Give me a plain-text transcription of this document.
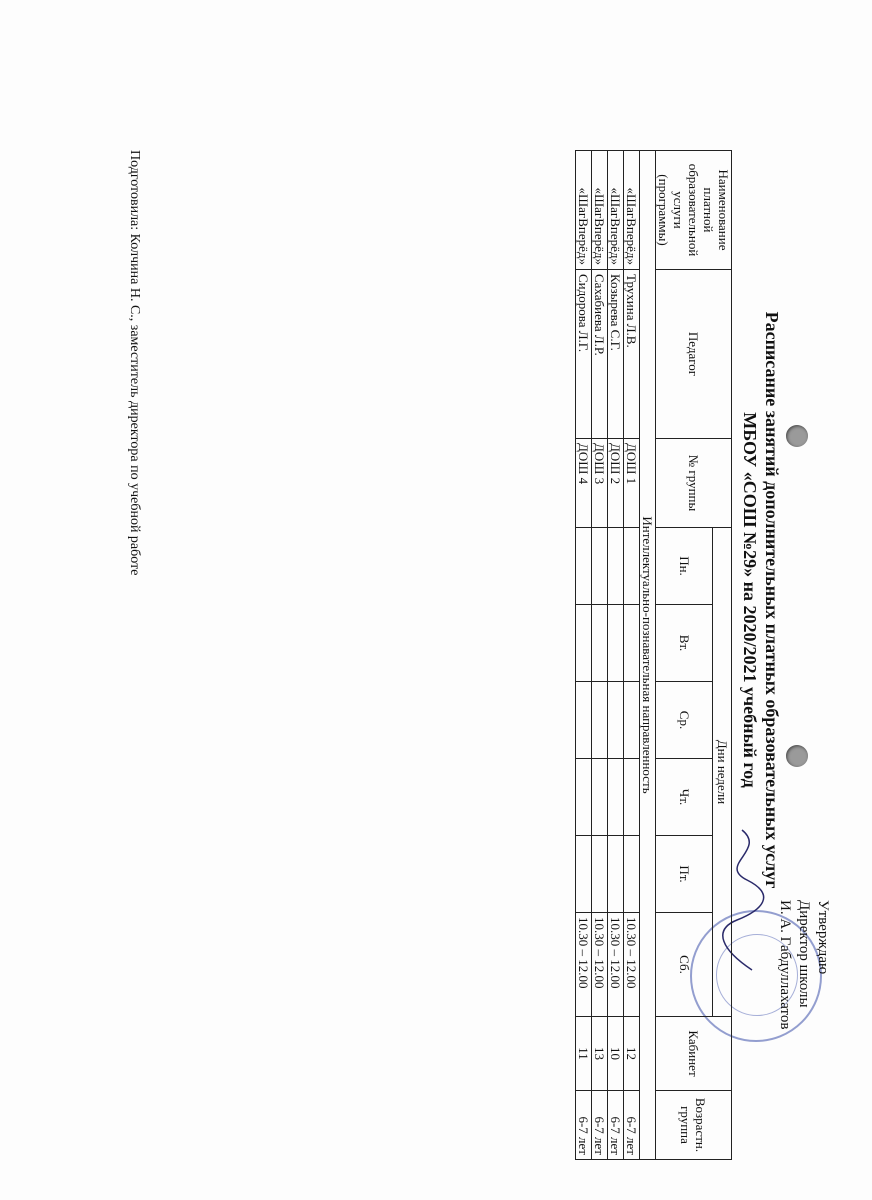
Утверждаю
Директор школы
И. А. Габдуллахатов
Расписание занятий дополнительных платных образовательных услуг
МБОУ «СОШ №29» на 2020/2021 учебный год
Наименование платной образовательной услуги (программы)	Педагог	№ группы	Дни недели						Кабинет	Возрастн. группа
			Пн.	Вт.	Ср.	Чт.	Пт.	Сб.		
Интеллектуально-познавательная направленность										
«ШагВперёд»	Трухина Л.В.	ДОШ 1						10.30 – 12.00	12	6-7 лет
«ШагВперёд»	Козырева С.Г.	ДОШ 2						10.30 – 12.00	10	6-7 лет
«ШагВперёд»	Сахабиева Л.Р.	ДОШ 3						10.30 – 12.00	13	6-7 лет
«ШагВперёд»	Сидорова Л.Г.	ДОШ 4						10.30 – 12.00	11	6-7 лет
Подготовила: Колчина Н. С., заместитель директора по учебной работе
